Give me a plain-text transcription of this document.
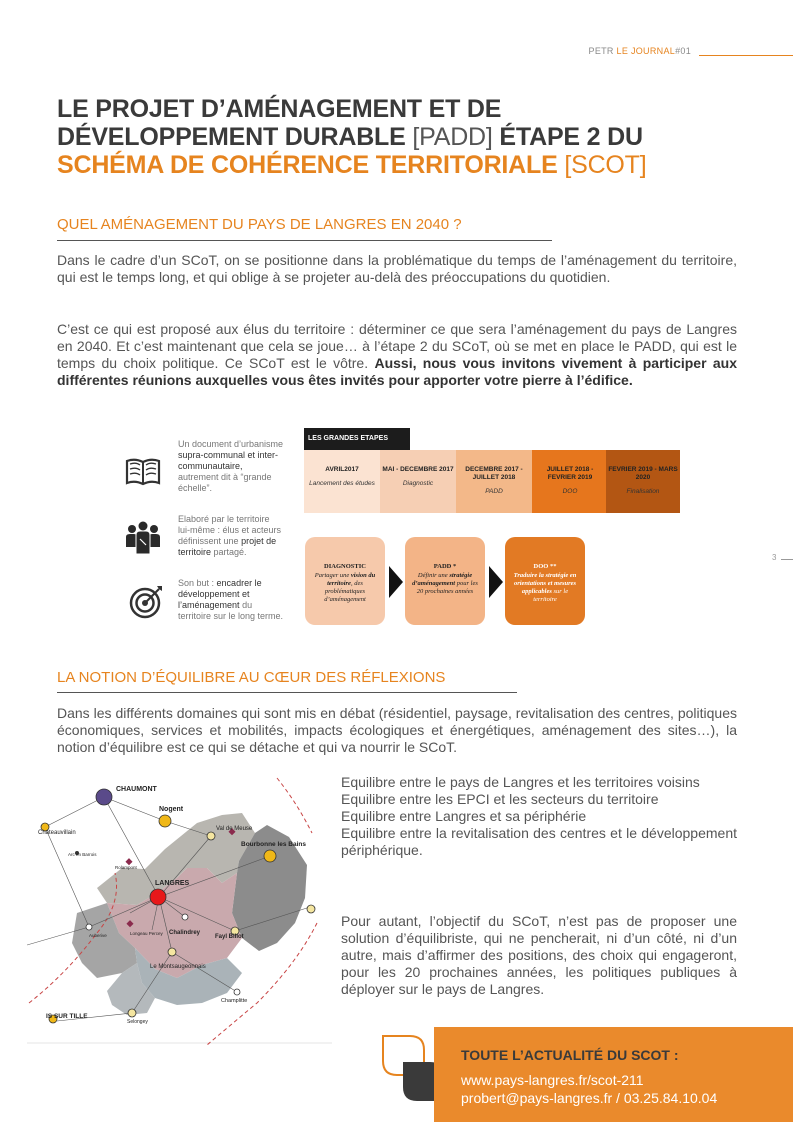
PETR LE JOURNAL#01
LE PROJET D’AMÉNAGEMENT ET DE
DÉVELOPPEMENT DURABLE [PADD] ÉTAPE 2 DU
SCHÉMA DE COHÉRENCE TERRITORIALE [SCOT]
QUEL AMÉNAGEMENT DU PAYS DE LANGRES EN 2040 ?
Dans le cadre d’un SCoT, on se positionne dans la problématique du temps de l’aménagement du territoire, qui est le temps long, et qui oblige à se projeter au-delà des préoccupations du quotidien.
C’est ce qui est proposé aux élus du territoire : déterminer ce que sera l’aménagement du pays de Langres en 2040. Et c’est maintenant que cela se joue… à l’étape 2 du SCoT, où se met en place le PADD, qui est le temps du choix politique. Ce SCoT est le vôtre. Aussi, nous vous invitons vivement à participer aux différentes réunions auxquelles vous êtes invités pour apporter votre pierre à l’édifice.
Un document d’urbanisme supra-communal et inter-communautaire, autrement dit à “grande échelle”.
Elaboré par le territoire lui-même : élus et acteurs définissent une projet de territoire partagé.
Son but : encadrer le développement et l’aménagement du territoire sur le long terme.
LES GRANDES ETAPES
AVRIL2017
Lancement des études
MAI - DECEMBRE 2017
Diagnostic
DECEMBRE 2017 - JUILLET 2018
PADD
JUILLET 2018 - FEVRIER 2019
DOO
FEVRIER 2019 - MARS 2020
Finalisation
DIAGNOSTIC
Partager une vision du territoire, des problématiques d’aménagement
PADD *
Définir une stratégie d’aménagement pour les 20 prochaines années
DOO **
Traduire la stratégie en orientations et mesures applicables sur le territoire
3
LA NOTION D’ÉQUILIBRE AU CŒUR DES RÉFLEXIONS
Dans les différents domaines qui sont mis en débat (résidentiel, paysage, revitalisation des centres, politiques économiques, services et mobilités, impacts écologiques et énergétiques, aménagement des sites…), la notion d’équilibre est ce qui se détache et qui va nourrir le SCoT.
CHAUMONT
Nogent
Chateauvillain
Val de Meuse
Bourbonne les Bains
Arc en Barrois
Rolampont
LANGRES
Chalindrey
Longeau Percey
Fayl Billot
Auberive
Le Montsaugeonnais
Champlitte
IS SUR TILLE
Selongey
Equilibre entre le pays de Langres et les territoires voisins
Equilibre entre les EPCI et les secteurs du territoire
Equilibre entre Langres et sa périphérie
Equilibre entre la revitalisation des centres et le développement périphérique.
Pour autant, l’objectif du SCoT, n’est pas de proposer une solution d’équilibriste, qui ne pencherait, ni d’un côté, ni d’un autre, mais d’affirmer des positions, des choix qui engageront, pour les 20 prochaines années, les politiques publiques à déployer sur le pays de Langres.
TOUTE L’ACTUALITÉ DU SCOT :
www.pays-langres.fr/scot-211
probert@pays-langres.fr / 03.25.84.10.04
